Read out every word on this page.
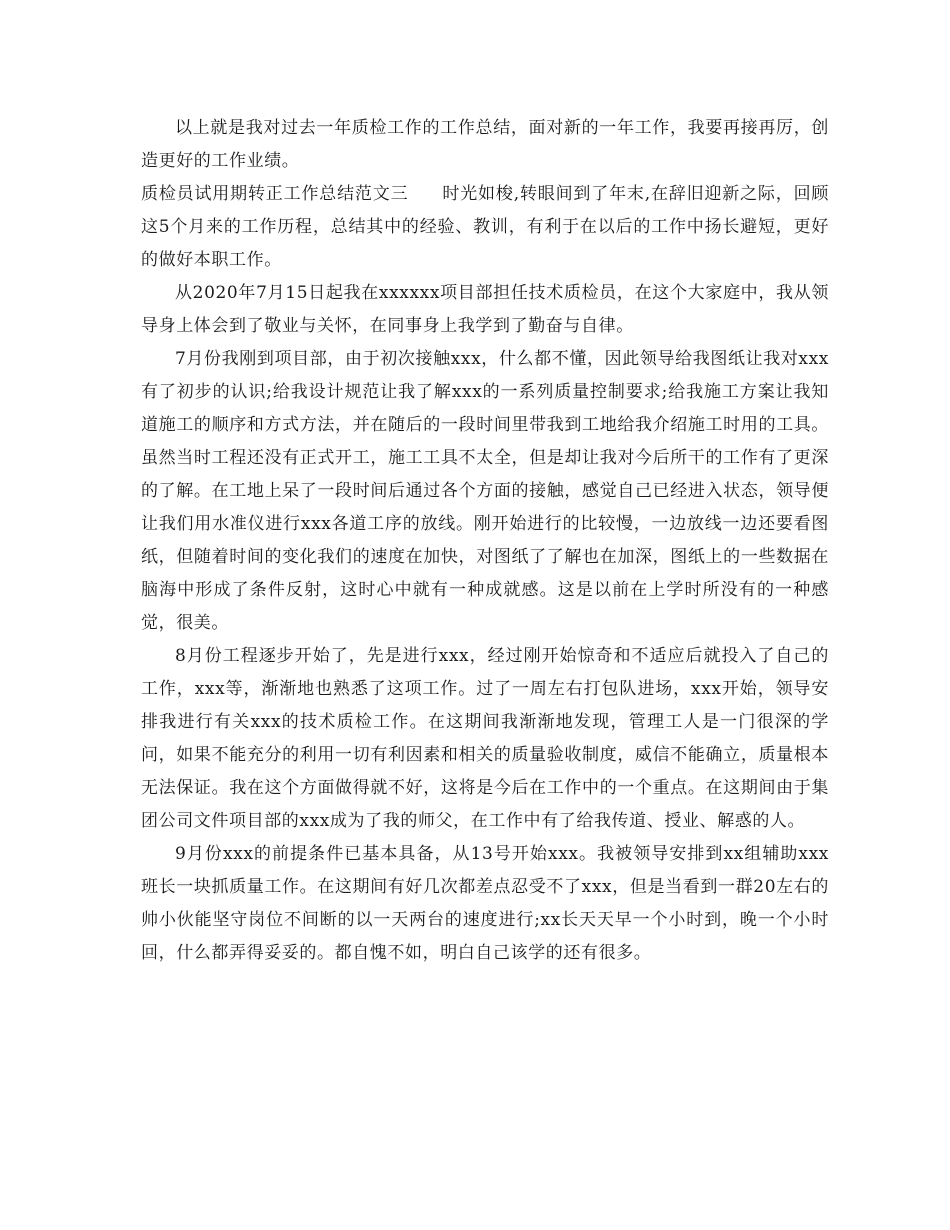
以上就是我对过去一年质检工作的工作总结，面对新的一年工作，我要再接再厉，创造更好的工作业绩。

质检员试用期转正工作总结范文三 时光如梭,转眼间到了年末,在辞旧迎新之际，回顾这5个月来的工作历程，总结其中的经验、教训，有利于在以后的工作中扬长避短，更好的做好本职工作。

从2020年7月15日起我在xxxxxx项目部担任技术质检员，在这个大家庭中，我从领导身上体会到了敬业与关怀，在同事身上我学到了勤奋与自律。

7月份我刚到项目部，由于初次接触xxx，什么都不懂，因此领导给我图纸让我对xxx有了初步的认识;给我设计规范让我了解xxx的一系列质量控制要求;给我施工方案让我知道施工的顺序和方式方法，并在随后的一段时间里带我到工地给我介绍施工时用的工具。虽然当时工程还没有正式开工，施工工具不太全，但是却让我对今后所干的工作有了更深的了解。在工地上呆了一段时间后通过各个方面的接触，感觉自己已经进入状态，领导便让我们用水准仪进行xxx各道工序的放线。刚开始进行的比较慢，一边放线一边还要看图纸，但随着时间的变化我们的速度在加快，对图纸了了解也在加深，图纸上的一些数据在脑海中形成了条件反射，这时心中就有一种成就感。这是以前在上学时所没有的一种感觉，很美。

8月份工程逐步开始了，先是进行xxx，经过刚开始惊奇和不适应后就投入了自己的工作，xxx等，渐渐地也熟悉了这项工作。过了一周左右打包队进场，xxx开始，领导安排我进行有关xxx的技术质检工作。在这期间我渐渐地发现，管理工人是一门很深的学问，如果不能充分的利用一切有利因素和相关的质量验收制度，威信不能确立，质量根本无法保证。我在这个方面做得就不好，这将是今后在工作中的一个重点。在这期间由于集团公司文件项目部的xxx成为了我的师父，在工作中有了给我传道、授业、解惑的人。

9月份xxx的前提条件已基本具备，从13号开始xxx。我被领导安排到xx组辅助xxx班长一块抓质量工作。在这期间有好几次都差点忍受不了xxx，但是当看到一群20左右的帅小伙能坚守岗位不间断的以一天两台的速度进行;xx长天天早一个小时到，晚一个小时回，什么都弄得妥妥的。都自愧不如，明白自己该学的还有很多。
